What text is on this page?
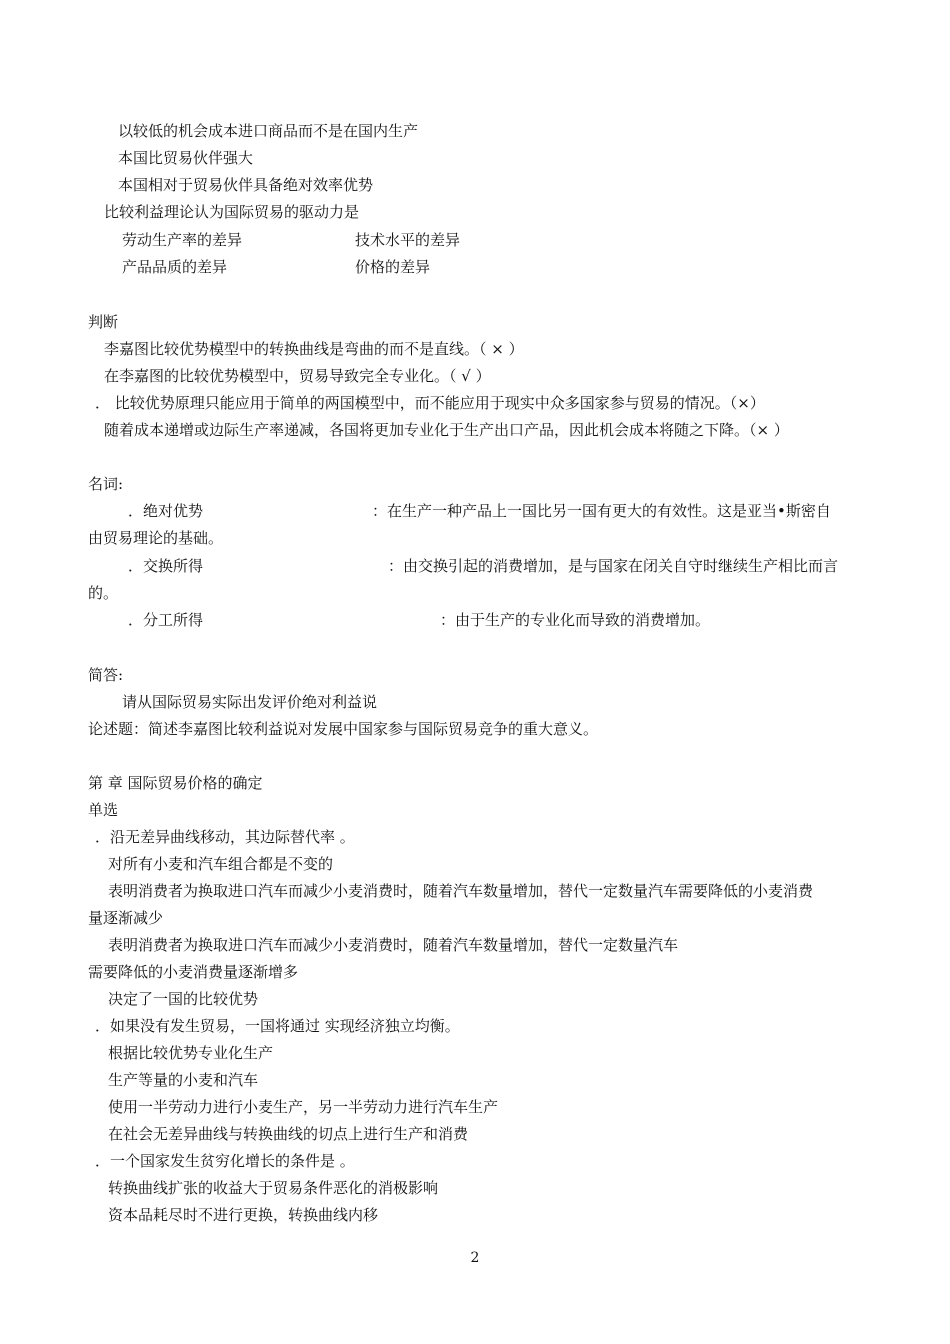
以较低的机会成本进口商品而不是在国内生产
本国比贸易伙伴强大
本国相对于贸易伙伴具备绝对效率优势
比较利益理论认为国际贸易的驱动力是
劳动生产率的差异	技术水平的差异
产品品质的差异	价格的差异
判断
李嘉图比较优势模型中的转换曲线是弯曲的而不是直线。（ × ）
在李嘉图的比较优势模型中，贸易导致完全专业化。（ √ ）
． 比较优势原理只能应用于简单的两国模型中，而不能应用于现实中众多国家参与贸易的情况。（×）
随着成本递增或边际生产率递减，各国将更加专业化于生产出口产品，因此机会成本将随之下降。（× ）
名词:
．绝对优势	：在生产一种产品上一国比另一国有更大的有效性。这是亚当•斯密自
由贸易理论的基础。
．交换所得	：由交换引起的消费增加，是与国家在闭关自守时继续生产相比而言
的。
．分工所得	：由于生产的专业化而导致的消费增加。
简答:
请从国际贸易实际出发评价绝对利益说
论述题：简述李嘉图比较利益说对发展中国家参与国际贸易竞争的重大意义。
第 章 国际贸易价格的确定
单选
．沿无差异曲线移动，其边际替代率 。
对所有小麦和汽车组合都是不变的
表明消费者为换取进口汽车而减少小麦消费时，随着汽车数量增加，替代一定数量汽车需要降低的小麦消费
量逐渐减少
表明消费者为换取进口汽车而减少小麦消费时，随着汽车数量增加，替代一定数量汽车
需要降低的小麦消费量逐渐增多
决定了一国的比较优势
．如果没有发生贸易，一国将通过 实现经济独立均衡。
根据比较优势专业化生产
生产等量的小麦和汽车
使用一半劳动力进行小麦生产，另一半劳动力进行汽车生产
在社会无差异曲线与转换曲线的切点上进行生产和消费
．一个国家发生贫穷化增长的条件是 。
转换曲线扩张的收益大于贸易条件恶化的消极影响
资本品耗尽时不进行更换，转换曲线内移
2
